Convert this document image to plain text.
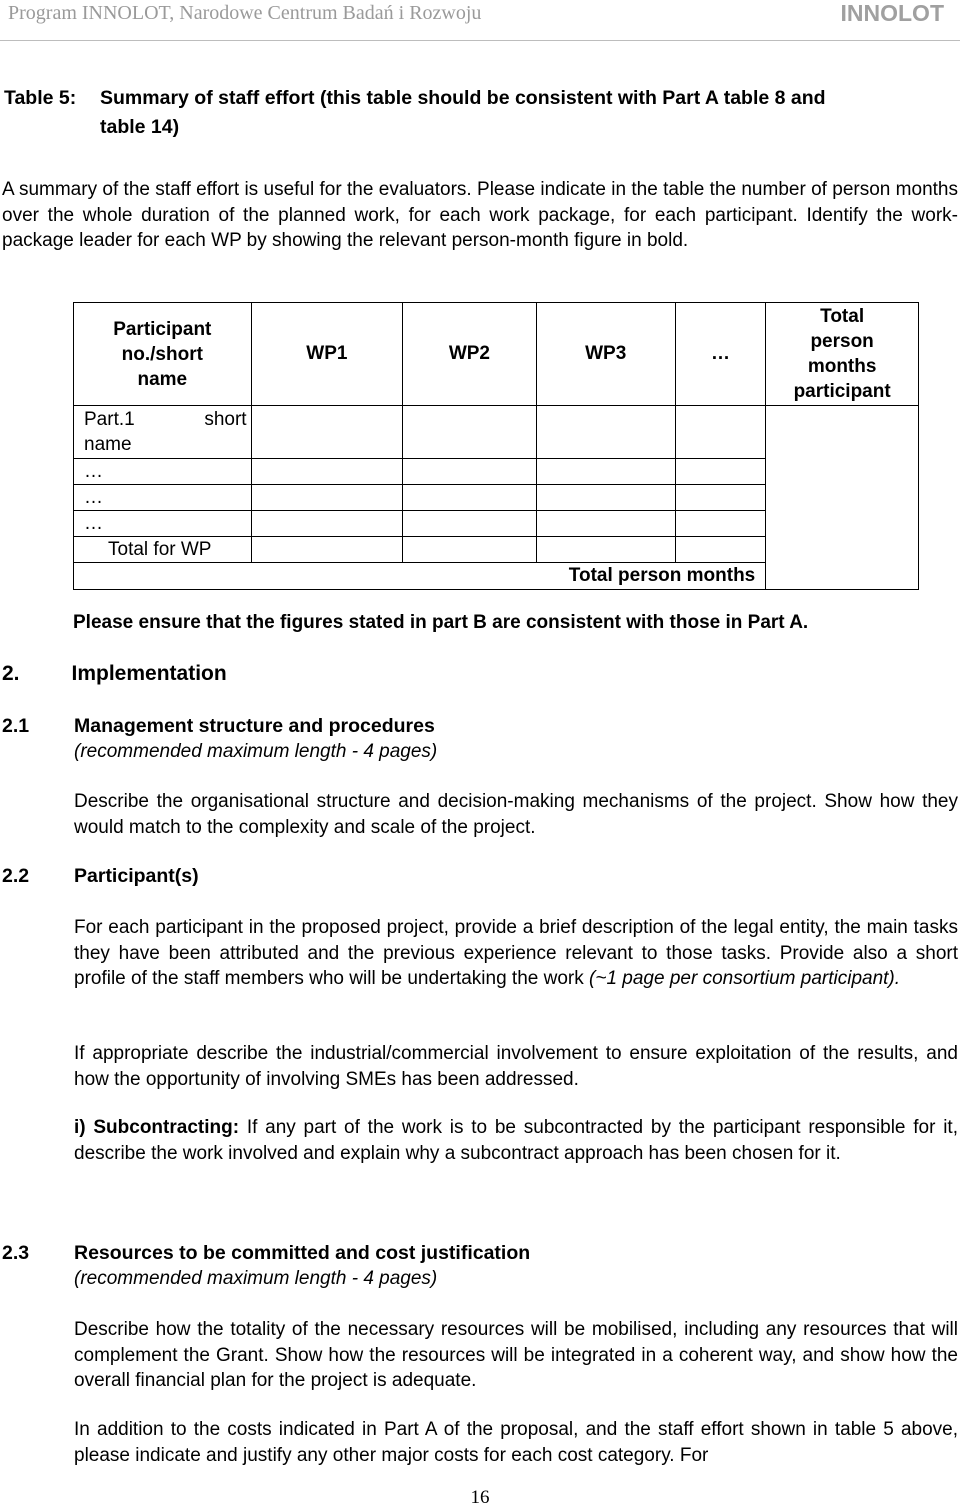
Program INNOLOT, Narodowe Centrum Badań i Rozwoju	INNOLOT
Table 5: Summary of staff effort (this table should be consistent with Part A table 8 and
table 14)
A summary of the staff effort is useful for the evaluators. Please indicate in the table the number of person months over the whole duration of the planned work, for each work package, for each participant. Identify the work-package leader for each WP by showing the relevant person-month figure in bold.
Participant no./short name	WP1	WP2	WP3	…	Total person months participant

Part.1 short
name					

…					
…					
…					
Total for WP					
Total person months					
Please ensure that the figures stated in part B are consistent with those in Part A.
2. Implementation
2.1 Management structure and procedures
(recommended maximum length - 4 pages)
Describe the organisational structure and decision-making mechanisms of the project. Show how they would match to the complexity and scale of the project.
2.2 Participant(s)
For each participant in the proposed project, provide a brief description of the legal entity, the main tasks they have been attributed and the previous experience relevant to those tasks. Provide also a short profile of the staff members who will be undertaking the work (~1 page per consortium participant).
If appropriate describe the industrial/commercial involvement to ensure exploitation of the results, and how the opportunity of involving SMEs has been addressed.
i) Subcontracting: If any part of the work is to be subcontracted by the participant responsible for it, describe the work involved and explain why a subcontract approach has been chosen for it.
2.3 Resources to be committed and cost justification
(recommended maximum length - 4 pages)
Describe how the totality of the necessary resources will be mobilised, including any resources that will complement the Grant. Show how the resources will be integrated in a coherent way, and show how the overall financial plan for the project is adequate.
In addition to the costs indicated in Part A of the proposal, and the staff effort shown in table 5 above, please indicate and justify any other major costs for each cost category. For
16
